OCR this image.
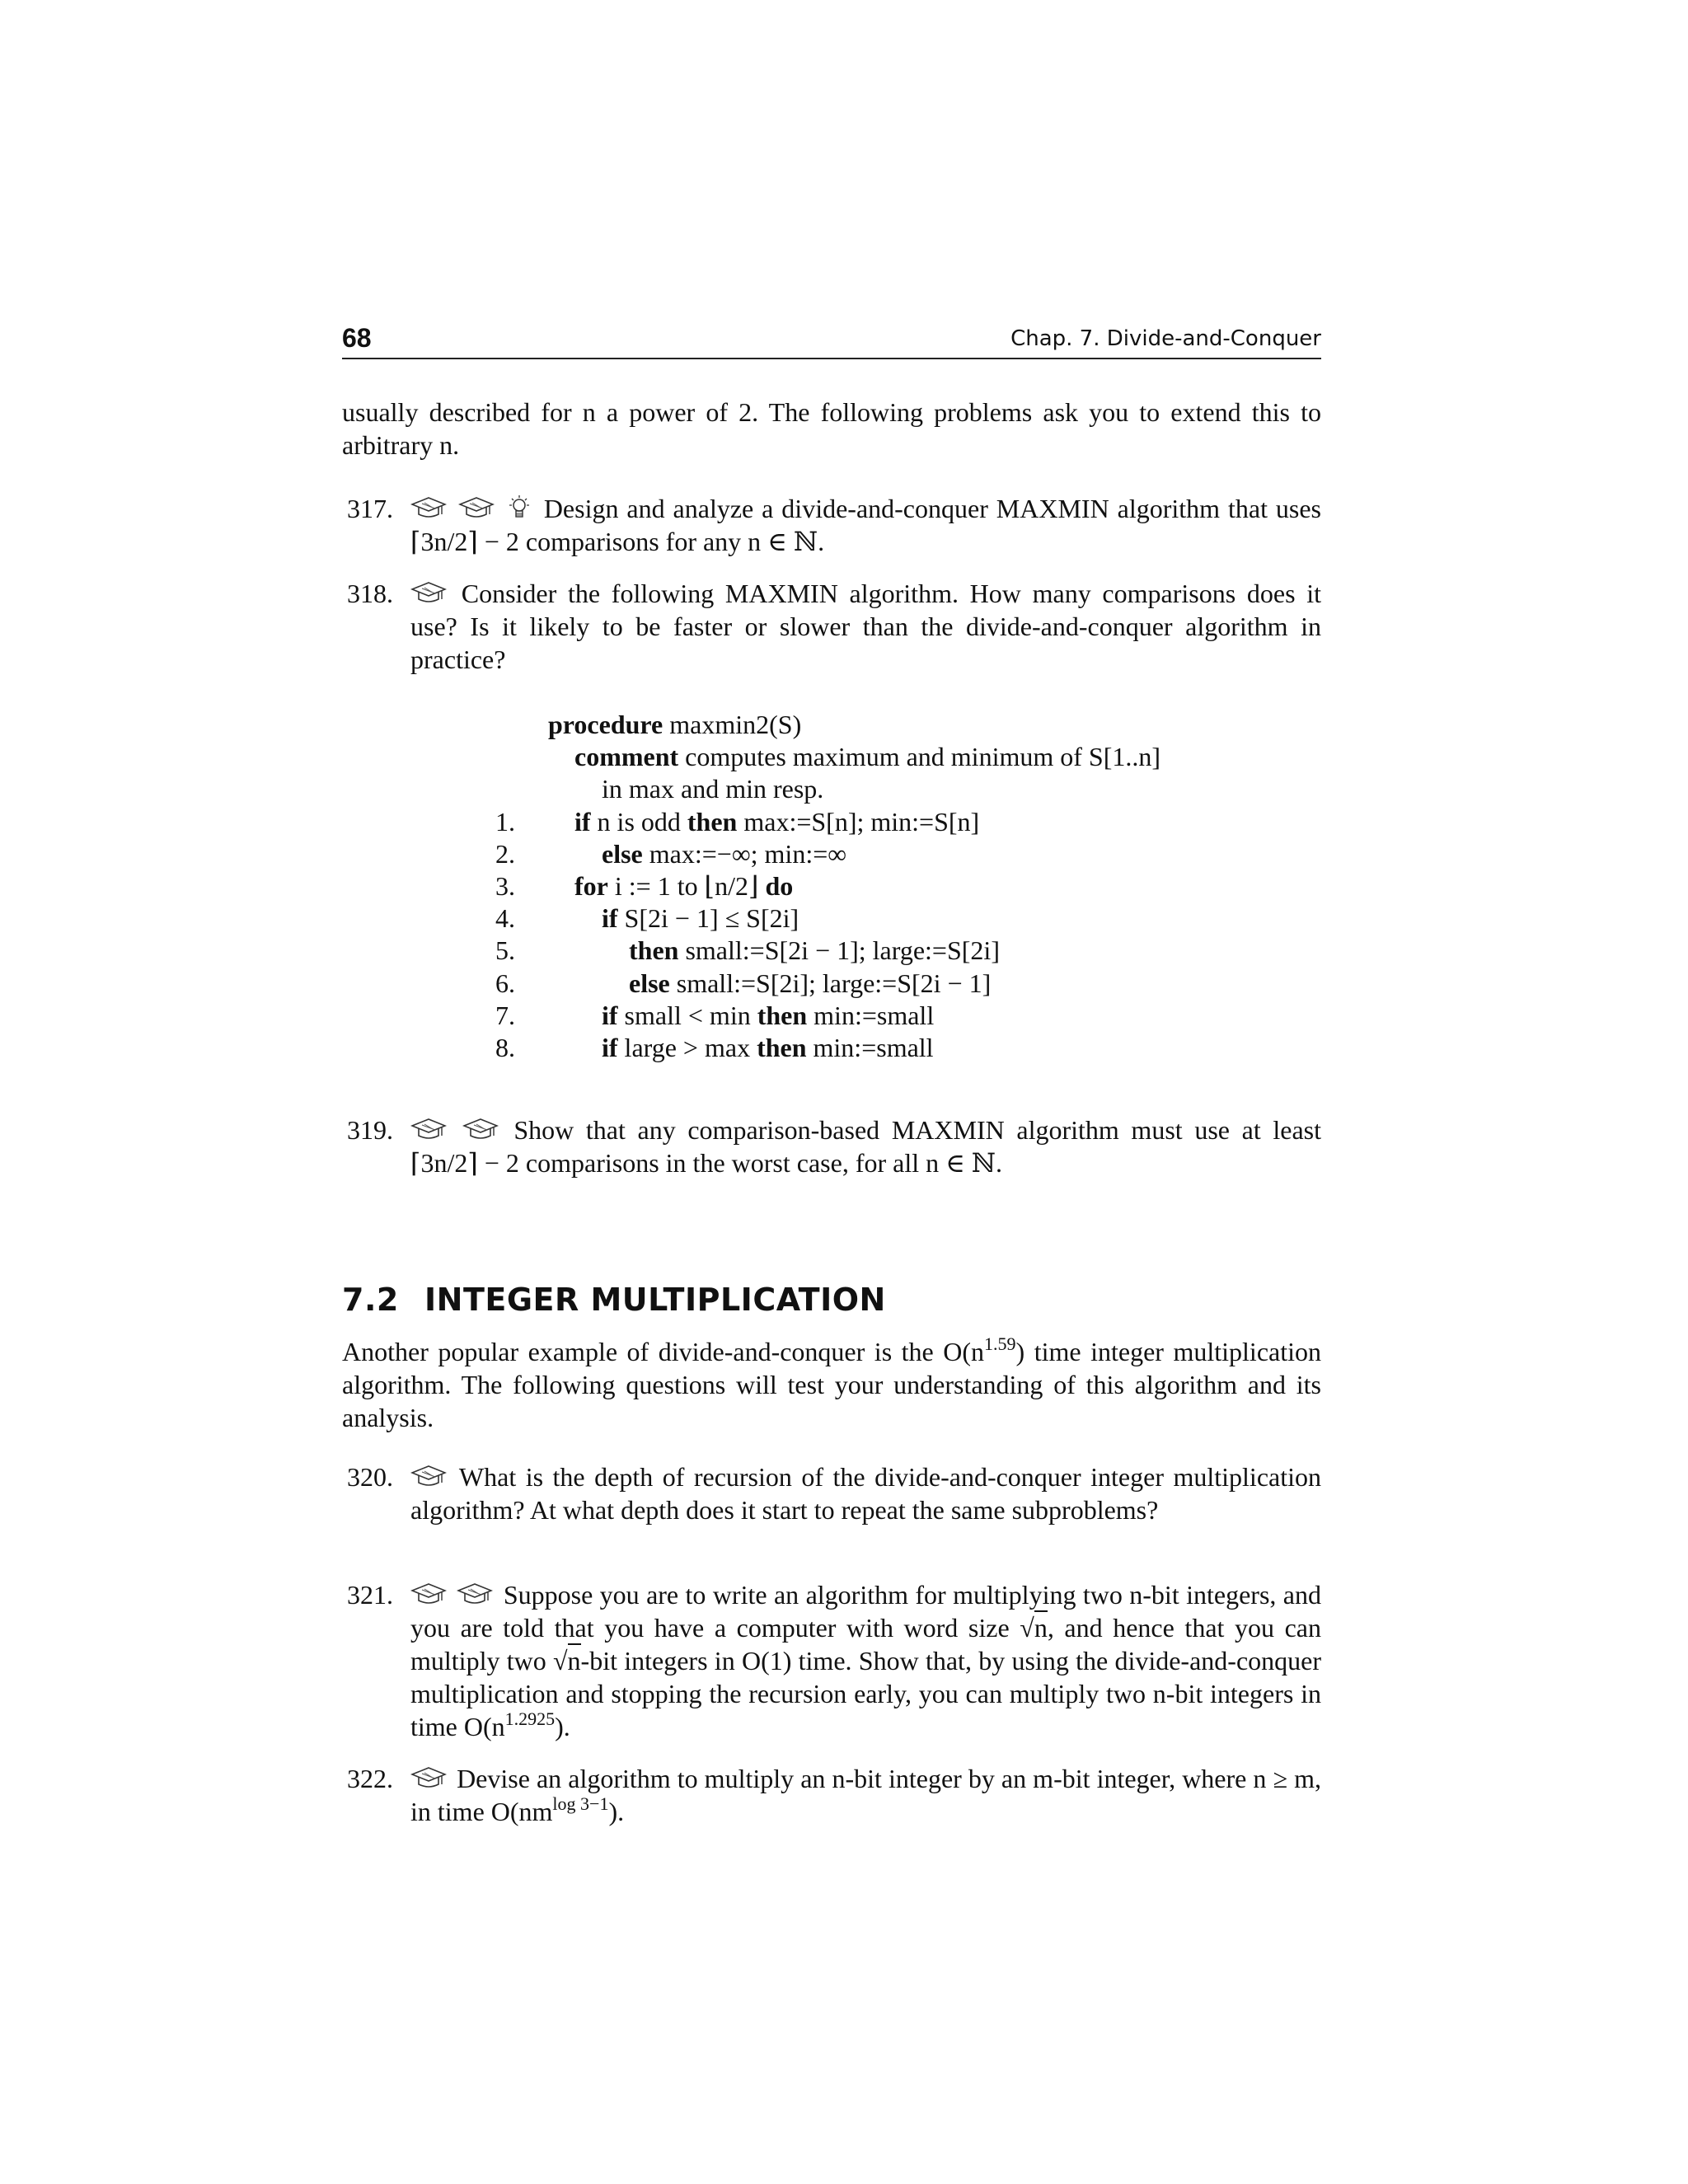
68	Chap. 7. Divide-and-Conquer

usually described for n a power of 2. The following problems ask you to extend this to arbitrary n.

317.

	Design and analyze a divide-and-conquer MAXMIN algorithm that uses ⌈3n/2⌉ − 2 comparisons for any n ∈ ℕ.
318.	Consider the following MAXMIN algorithm. How many comparisons does it use? Is it likely to be faster or slower than the divide-and-conquer algorithm in practice?
procedure maxmin2(S)
comment computes maximum and minimum of S[1..n]
in max and min resp.
1. if n is odd then max:=S[n]; min:=S[n]
2.	else max:=−∞; min:=∞
3. for i := 1 to ⌊n/2⌋ do
4.	if S[2i − 1] ≤ S[2i]
5.	then small:=S[2i − 1]; large:=S[2i]
6.	else small:=S[2i]; large:=S[2i − 1]
7.	if small < min then min:=small
8.	if large > max then min:=small
319.
	Show that any comparison-based MAXMIN algorithm must use at least ⌈3n/2⌉ − 2 comparisons in the worst case, for all n ∈ ℕ.
7.2 INTEGER MULTIPLICATION

Another popular example of divide-and-conquer is the $O(n^{1.59})$ time integer multiplication algorithm. The following questions will test your understanding of this algorithm and its analysis.

320.	What is the depth of recursion of the divide-and-conquer integer multiplication algorithm? At what depth does it start to repeat the same subproblems?
321.
	Suppose you are to write an algorithm for multiplying two n-bit integers, and you are told that you have a computer with word size √n, and hence that you can multiply two √n-bit integers in O(1) time. Show that, by using the divide-and-conquer multiplication and stopping the recursion early, you can multiply two n-bit integers in time $O(n^{1.2925})$.
322.	Devise an algorithm to multiply an n-bit integer by an m-bit integer, where n ≥ m, in time $O(nm^{log 3-1})$.
